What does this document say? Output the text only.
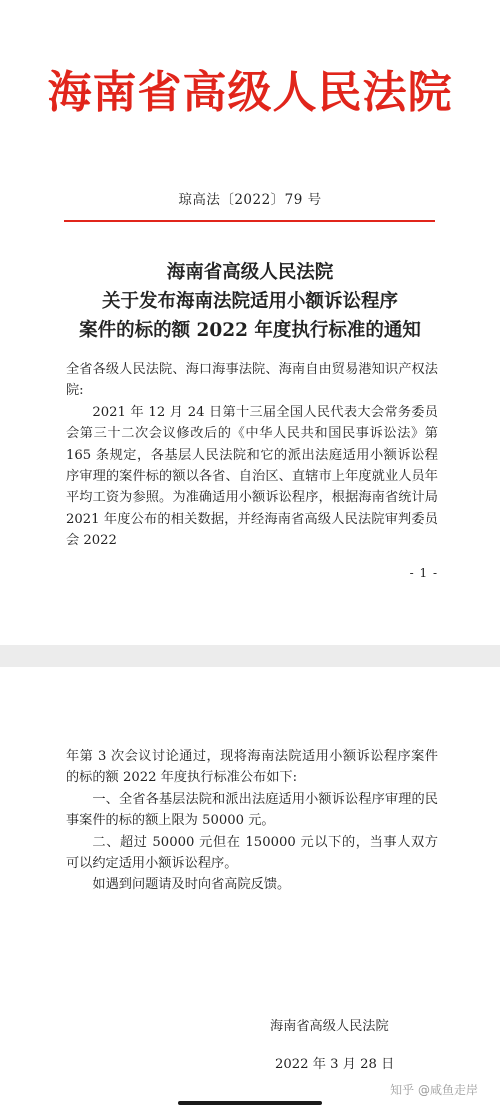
海南省高级人民法院
琼高法〔2022〕79 号
海南省高级人民法院
关于发布海南法院适用小额诉讼程序
案件的标的额 2022 年度执行标准的通知

全省各级人民法院、海口海事法院、海南自由贸易港知识产权法院:

2021 年 12 月 24 日第十三届全国人民代表大会常务委员会第三十二次会议修改后的《中华人民共和国民事诉讼法》第 165 条规定，各基层人民法院和它的派出法庭适用小额诉讼程序审理的案件标的额以各省、自治区、直辖市上年度就业人员年平均工资为参照。为准确适用小额诉讼程序，根据海南省统计局 2021 年度公布的相关数据，并经海南省高级人民法院审判委员会 2022

- 1 -

年第 3 次会议讨论通过，现将海南法院适用小额诉讼程序案件的标的额 2022 年度执行标准公布如下:

一、全省各基层法院和派出法庭适用小额诉讼程序审理的民事案件的标的额上限为 50000 元。

二、超过 50000 元但在 150000 元以下的，当事人双方可以约定适用小额诉讼程序。

如遇到问题请及时向省高院反馈。

海南省高级人民法院
2022 年 3 月 28 日
知乎 @咸鱼走岸
